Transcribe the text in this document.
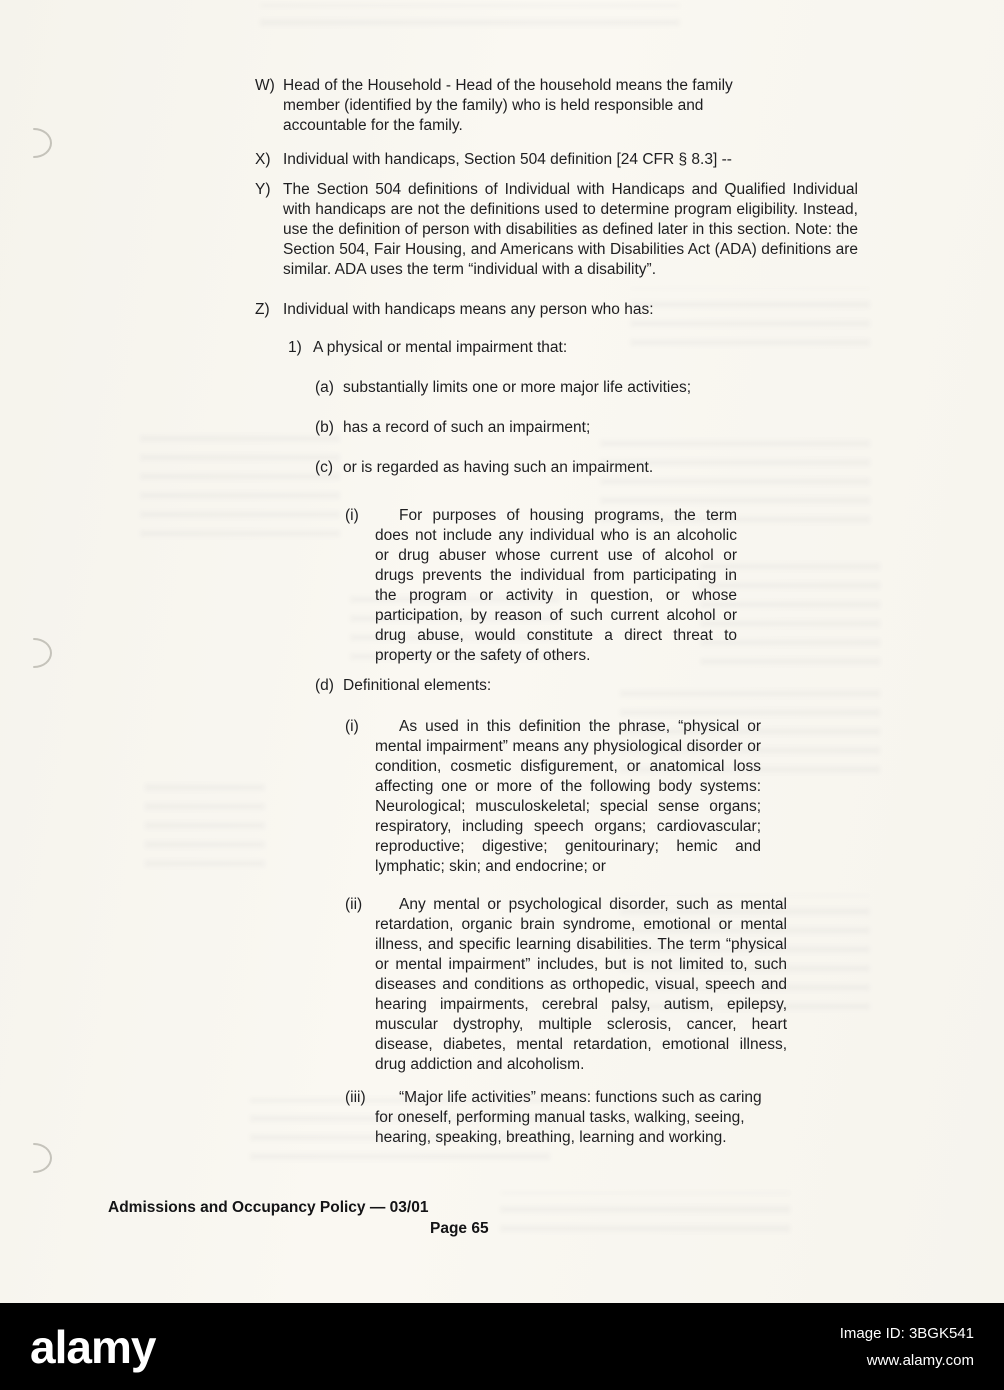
W) Head of the Household - Head of the household means the family member (identified by the family) who is held responsible and accountable for the family.

X) Individual with handicaps, Section 504 definition [24 CFR § 8.3] --

Y) The Section 504 definitions of Individual with Handicaps and Qualified Individual with handicaps are not the definitions used to determine program eligibility. Instead, use the definition of person with disabilities as defined later in this section. Note: the Section 504, Fair Housing, and Americans with Disabilities Act (ADA) definitions are similar. ADA uses the term “individual with a disability”.

Z) Individual with handicaps means any person who has:

1) A physical or mental impairment that:

(a) substantially limits one or more major life activities;

(b) has a record of such an impairment;

(c) or is regarded as having such an impairment.

(i)	For purposes of housing programs, the term does not include any individual who is an alcoholic or drug abuser whose current use of alcohol or drugs prevents the individual from participating in the program or activity in question, or whose participation, by reason of such current alcohol or drug abuse, would constitute a direct threat to property or the safety of others.

(d) Definitional elements:

(i)	As used in this definition the phrase, “physical or mental impairment” means any physiological disorder or condition, cosmetic disfigurement, or anatomical loss affecting one or more of the following body systems: Neurological; musculoskeletal; special sense organs; respiratory, including speech organs; cardiovascular; reproductive; digestive; genitourinary; hemic and lymphatic; skin; and endocrine; or

(ii)	Any mental or psychological disorder, such as mental retardation, organic brain syndrome, emotional or mental illness, and specific learning disabilities. The term “physical or mental impairment” includes, but is not limited to, such diseases and conditions as orthopedic, visual, speech and hearing impairments, cerebral palsy, autism, epilepsy, muscular dystrophy, multiple sclerosis, cancer, heart disease, diabetes, mental retardation, emotional illness, drug addiction and alcoholism.

(iii)	“Major life activities” means: functions such as caring for oneself, performing manual tasks, walking, seeing, hearing, speaking, breathing, learning and working.

Admissions and Occupancy Policy — 03/01
Page 65
alamy	Image ID: 3BGK541
www.alamy.com
